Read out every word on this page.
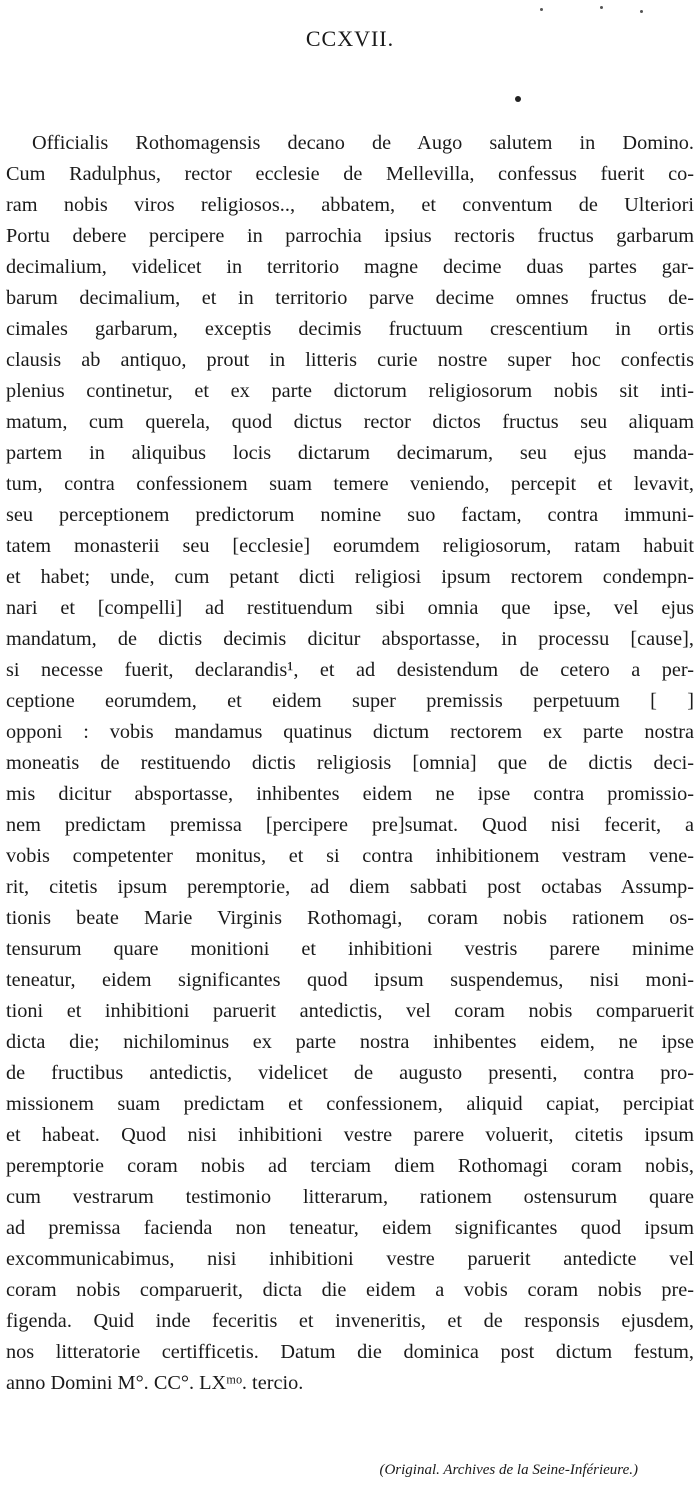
CCXVII.
Officialis Rothomagensis decano de Augo salutem in Domino.
Cum Radulphus, rector ecclesie de Mellevilla, confessus fuerit co-
ram nobis viros religiosos.., abbatem, et conventum de Ulteriori
Portu debere percipere in parrochia ipsius rectoris fructus garbarum
decimalium, videlicet in territorio magne decime duas partes gar-
barum decimalium, et in territorio parve decime omnes fructus de-
cimales garbarum, exceptis decimis fructuum crescentium in ortis
clausis ab antiquo, prout in litteris curie nostre super hoc confectis
plenius continetur, et ex parte dictorum religiosorum nobis sit inti-
matum, cum querela, quod dictus rector dictos fructus seu aliquam
partem in aliquibus locis dictarum decimarum, seu ejus manda-
tum, contra confessionem suam temere veniendo, percepit et levavit,
seu perceptionem predictorum nomine suo factam, contra immuni-
tatem monasterii seu [ecclesie] eorumdem religiosorum, ratam habuit
et habet; unde, cum petant dicti religiosi ipsum rectorem condempn-
nari et [compelli] ad restituendum sibi omnia que ipse, vel ejus
mandatum, de dictis decimis dicitur absportasse, in processu [cause],
si necesse fuerit, declarandis¹, et ad desistendum de cetero a per-
ceptione eorumdem, et eidem super premissis perpetuum [ ]
opponi : vobis mandamus quatinus dictum rectorem ex parte nostra
moneatis de restituendo dictis religiosis [omnia] que de dictis deci-
mis dicitur absportasse, inhibentes eidem ne ipse contra promissio-
nem predictam premissa [percipere pre]sumat. Quod nisi fecerit, a
vobis competenter monitus, et si contra inhibitionem vestram vene-
rit, citetis ipsum peremptorie, ad diem sabbati post octabas Assump-
tionis beate Marie Virginis Rothomagi, coram nobis rationem os-
tensurum quare monitioni et inhibitioni vestris parere minime
teneatur, eidem significantes quod ipsum suspendemus, nisi moni-
tioni et inhibitioni paruerit antedictis, vel coram nobis comparuerit
dicta die; nichilominus ex parte nostra inhibentes eidem, ne ipse
de fructibus antedictis, videlicet de augusto presenti, contra pro-
missionem suam predictam et confessionem, aliquid capiat, percipiat
et habeat. Quod nisi inhibitioni vestre parere voluerit, citetis ipsum
peremptorie coram nobis ad terciam diem Rothomagi coram nobis,
cum vestrarum testimonio litterarum, rationem ostensurum quare
ad premissa facienda non teneatur, eidem significantes quod ipsum
excommunicabimus, nisi inhibitioni vestre paruerit antedicte vel
coram nobis comparuerit, dicta die eidem a vobis coram nobis pre-
figenda. Quid inde feceritis et inveneritis, et de responsis ejusdem,
nos litteratorie certifficetis. Datum die dominica post dictum festum,
anno Domini M°. CC°. LXᵐᵒ. tercio.
(Original. Archives de la Seine-Inférieure.)
